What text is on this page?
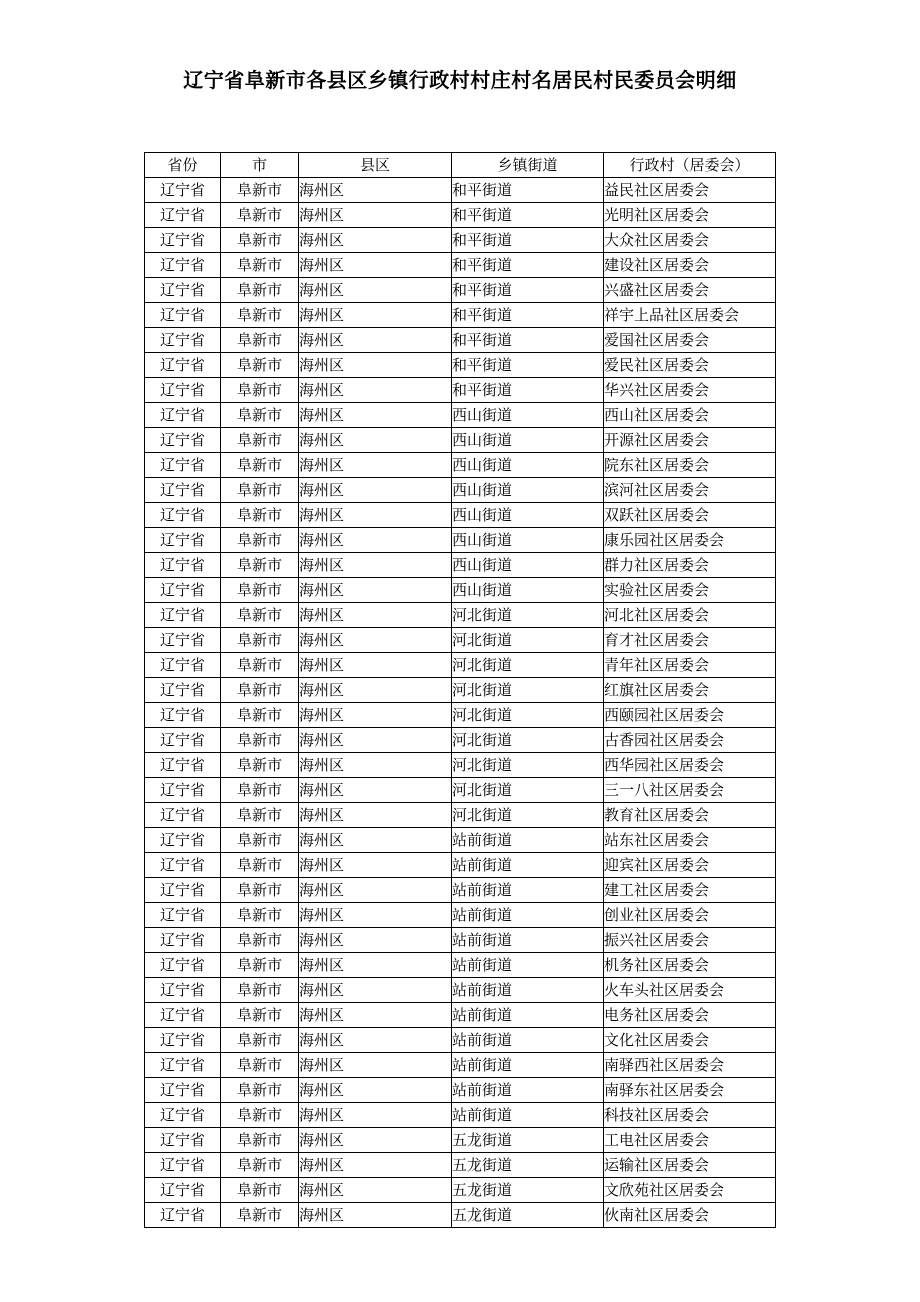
辽宁省阜新市各县区乡镇行政村村庄村名居民村民委员会明细
省份	市	县区	乡镇街道	行政村（居委会）
辽宁省	阜新市	海州区	和平街道	益民社区居委会
辽宁省	阜新市	海州区	和平街道	光明社区居委会
辽宁省	阜新市	海州区	和平街道	大众社区居委会
辽宁省	阜新市	海州区	和平街道	建设社区居委会
辽宁省	阜新市	海州区	和平街道	兴盛社区居委会
辽宁省	阜新市	海州区	和平街道	祥宇上品社区居委会
辽宁省	阜新市	海州区	和平街道	爱国社区居委会
辽宁省	阜新市	海州区	和平街道	爱民社区居委会
辽宁省	阜新市	海州区	和平街道	华兴社区居委会
辽宁省	阜新市	海州区	西山街道	西山社区居委会
辽宁省	阜新市	海州区	西山街道	开源社区居委会
辽宁省	阜新市	海州区	西山街道	院东社区居委会
辽宁省	阜新市	海州区	西山街道	滨河社区居委会
辽宁省	阜新市	海州区	西山街道	双跃社区居委会
辽宁省	阜新市	海州区	西山街道	康乐园社区居委会
辽宁省	阜新市	海州区	西山街道	群力社区居委会
辽宁省	阜新市	海州区	西山街道	实验社区居委会
辽宁省	阜新市	海州区	河北街道	河北社区居委会
辽宁省	阜新市	海州区	河北街道	育才社区居委会
辽宁省	阜新市	海州区	河北街道	青年社区居委会
辽宁省	阜新市	海州区	河北街道	红旗社区居委会
辽宁省	阜新市	海州区	河北街道	西颐园社区居委会
辽宁省	阜新市	海州区	河北街道	古香园社区居委会
辽宁省	阜新市	海州区	河北街道	西华园社区居委会
辽宁省	阜新市	海州区	河北街道	三一八社区居委会
辽宁省	阜新市	海州区	河北街道	教育社区居委会
辽宁省	阜新市	海州区	站前街道	站东社区居委会
辽宁省	阜新市	海州区	站前街道	迎宾社区居委会
辽宁省	阜新市	海州区	站前街道	建工社区居委会
辽宁省	阜新市	海州区	站前街道	创业社区居委会
辽宁省	阜新市	海州区	站前街道	振兴社区居委会
辽宁省	阜新市	海州区	站前街道	机务社区居委会
辽宁省	阜新市	海州区	站前街道	火车头社区居委会
辽宁省	阜新市	海州区	站前街道	电务社区居委会
辽宁省	阜新市	海州区	站前街道	文化社区居委会
辽宁省	阜新市	海州区	站前街道	南驿西社区居委会
辽宁省	阜新市	海州区	站前街道	南驿东社区居委会
辽宁省	阜新市	海州区	站前街道	科技社区居委会
辽宁省	阜新市	海州区	五龙街道	工电社区居委会
辽宁省	阜新市	海州区	五龙街道	运输社区居委会
辽宁省	阜新市	海州区	五龙街道	文欣苑社区居委会
辽宁省	阜新市	海州区	五龙街道	伙南社区居委会
